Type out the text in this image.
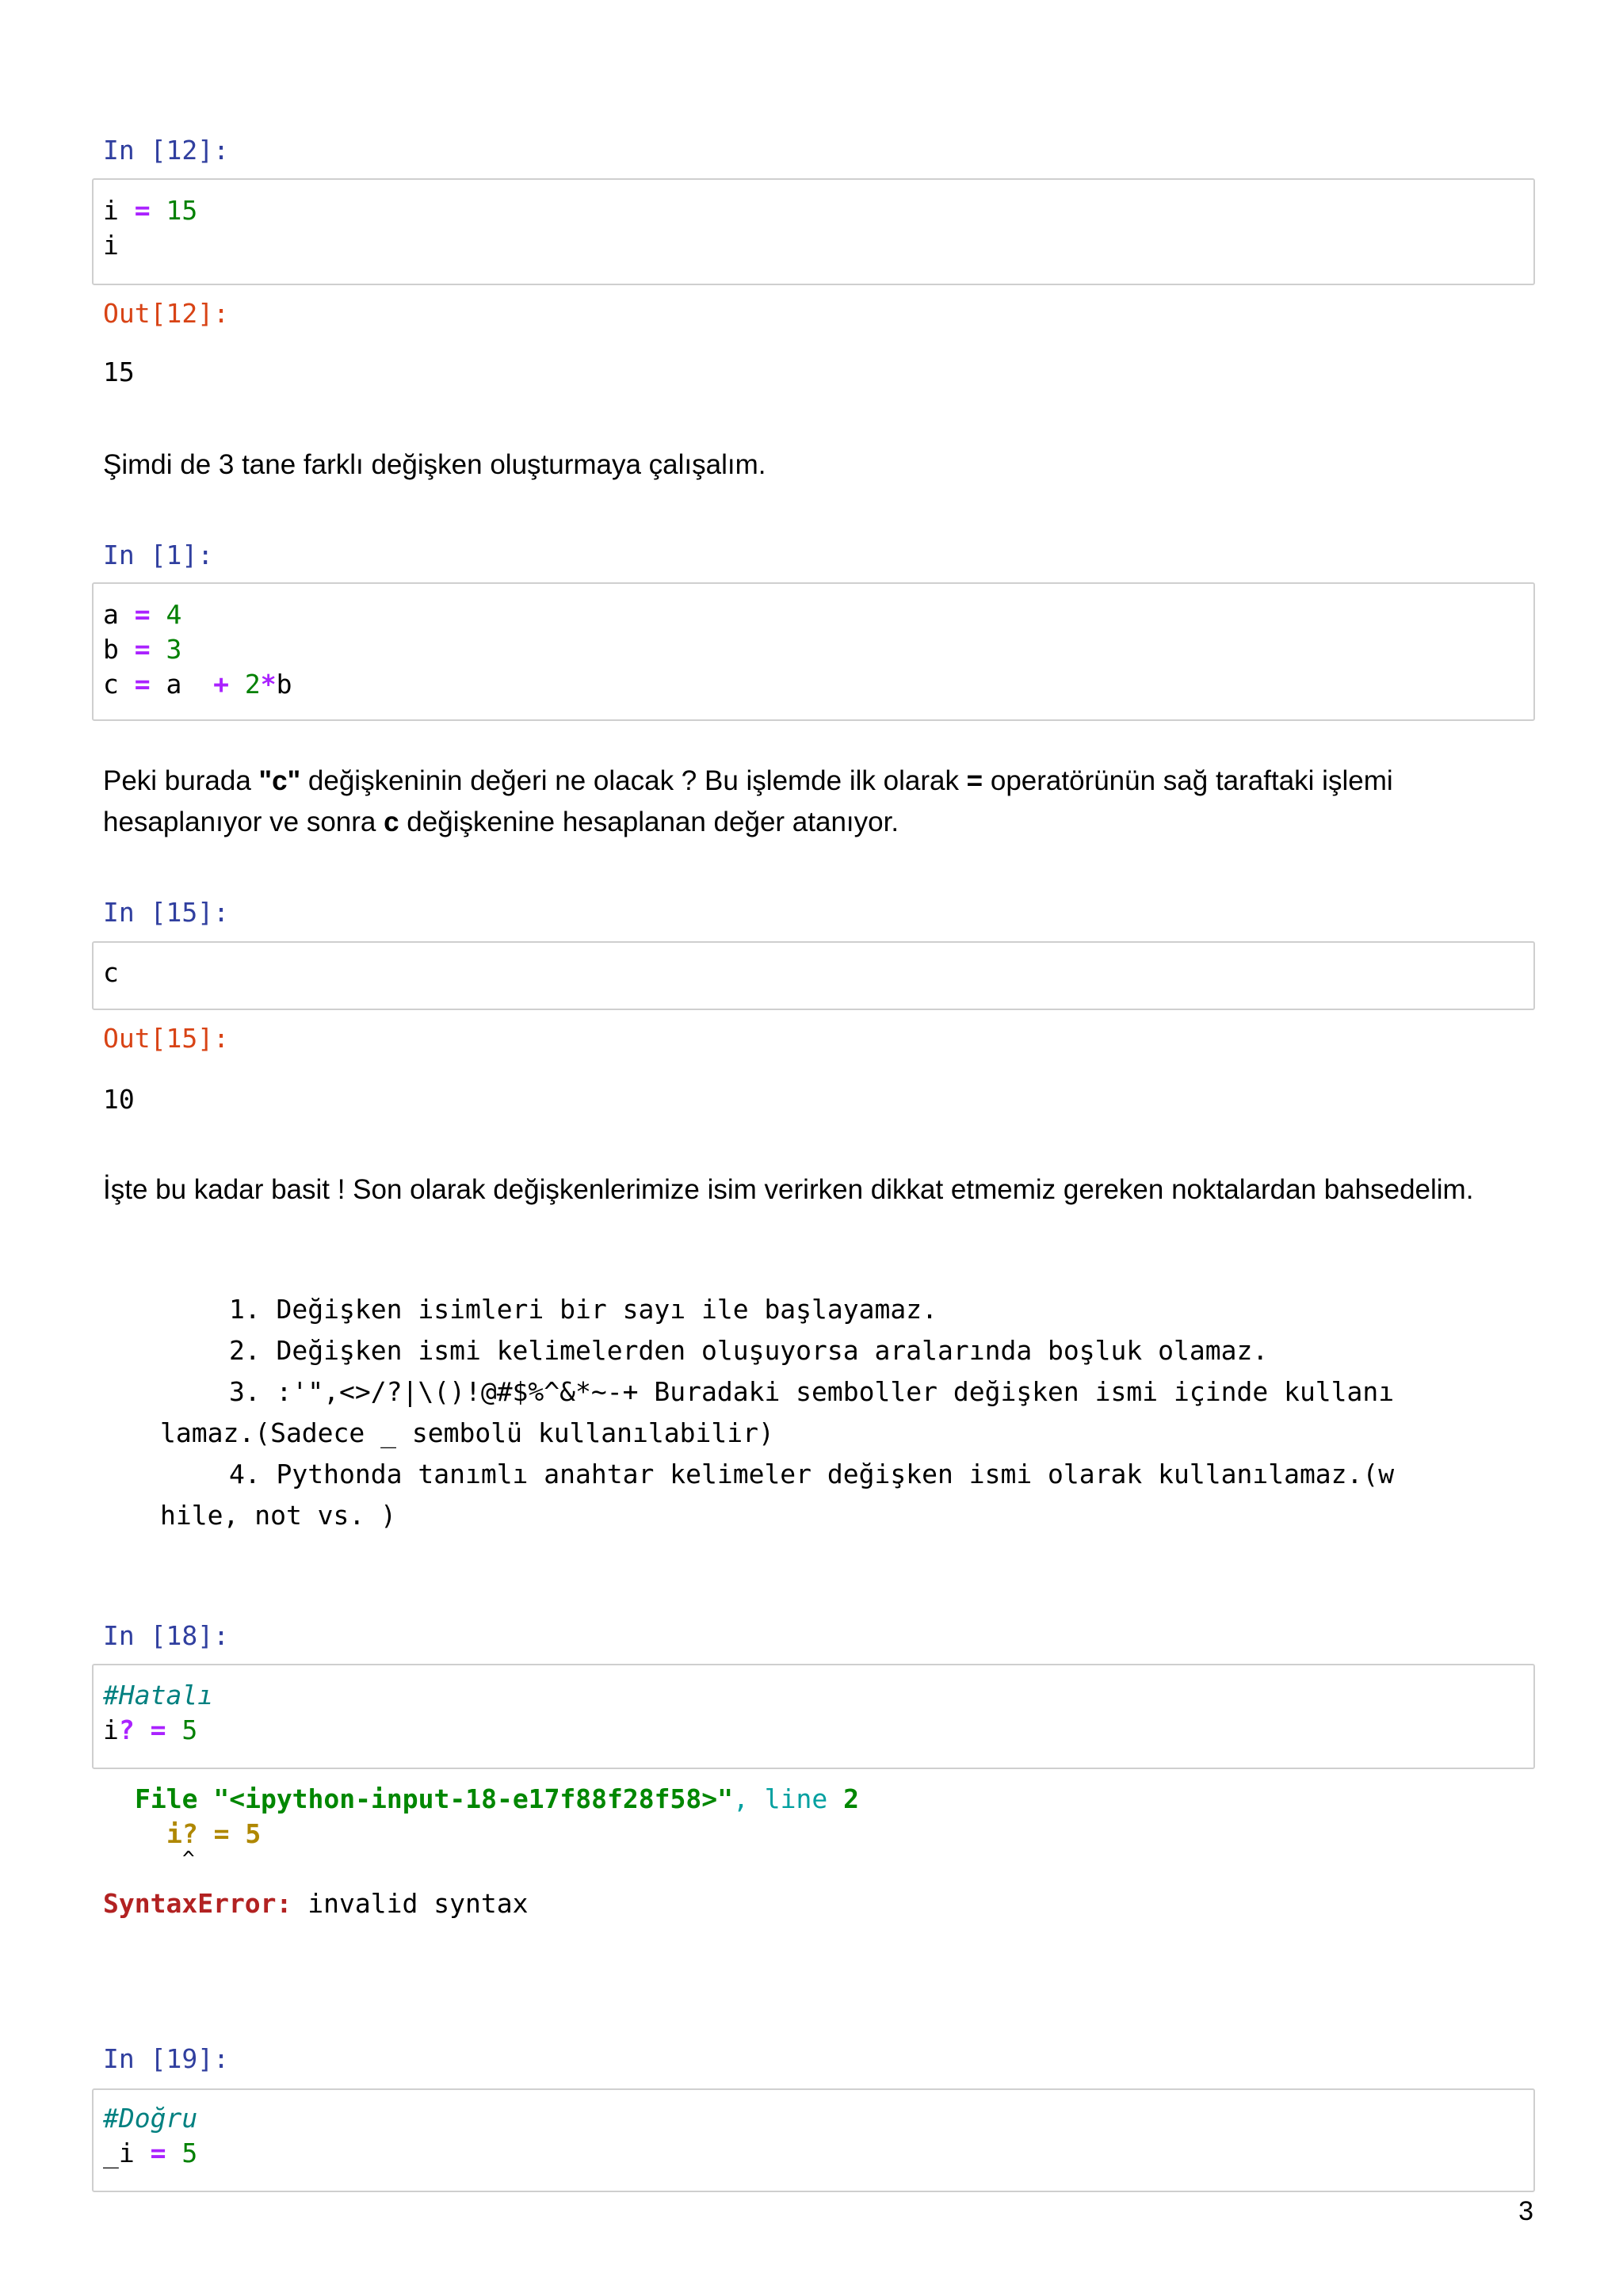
In [12]:
i = 15
i
Out[12]:
15
Şimdi de 3 tane farklı değişken oluşturmaya çalışalım.
In [1]:
a = 4
b = 3
c = a + 2*b
Peki burada "c" değişkeninin değeri ne olacak ? Bu işlemde ilk olarak = operatörünün sağ taraftaki işlemi hesaplanıyor ve sonra c değişkenine hesaplanan değer atanıyor.
In [15]:
c
Out[15]:
10
İşte bu kadar basit ! Son olarak değişkenlerimize isim verirken dikkat etmemiz gereken noktalardan bahsedelim.
1. Değişken isimleri bir sayı ile başlayamaz.
2. Değişken ismi kelimelerden oluşuyorsa aralarında boşluk olamaz.
3. :'",<>/?|\()!@#$%^&*~-+ Buradaki semboller değişken ismi içinde kullanı
lamaz.(Sadece _ sembolü kullanılabilir)
4. Pythonda tanımlı anahtar kelimeler değişken ismi olarak kullanılamaz.(w
hile, not vs. )
In [18]:
#Hatalı
i? = 5
File "<ipython-input-18-e17f88f28f58>", line 2
i? = 5
^
SyntaxError: invalid syntax
In [19]:
#Doğru
_i = 5
3
